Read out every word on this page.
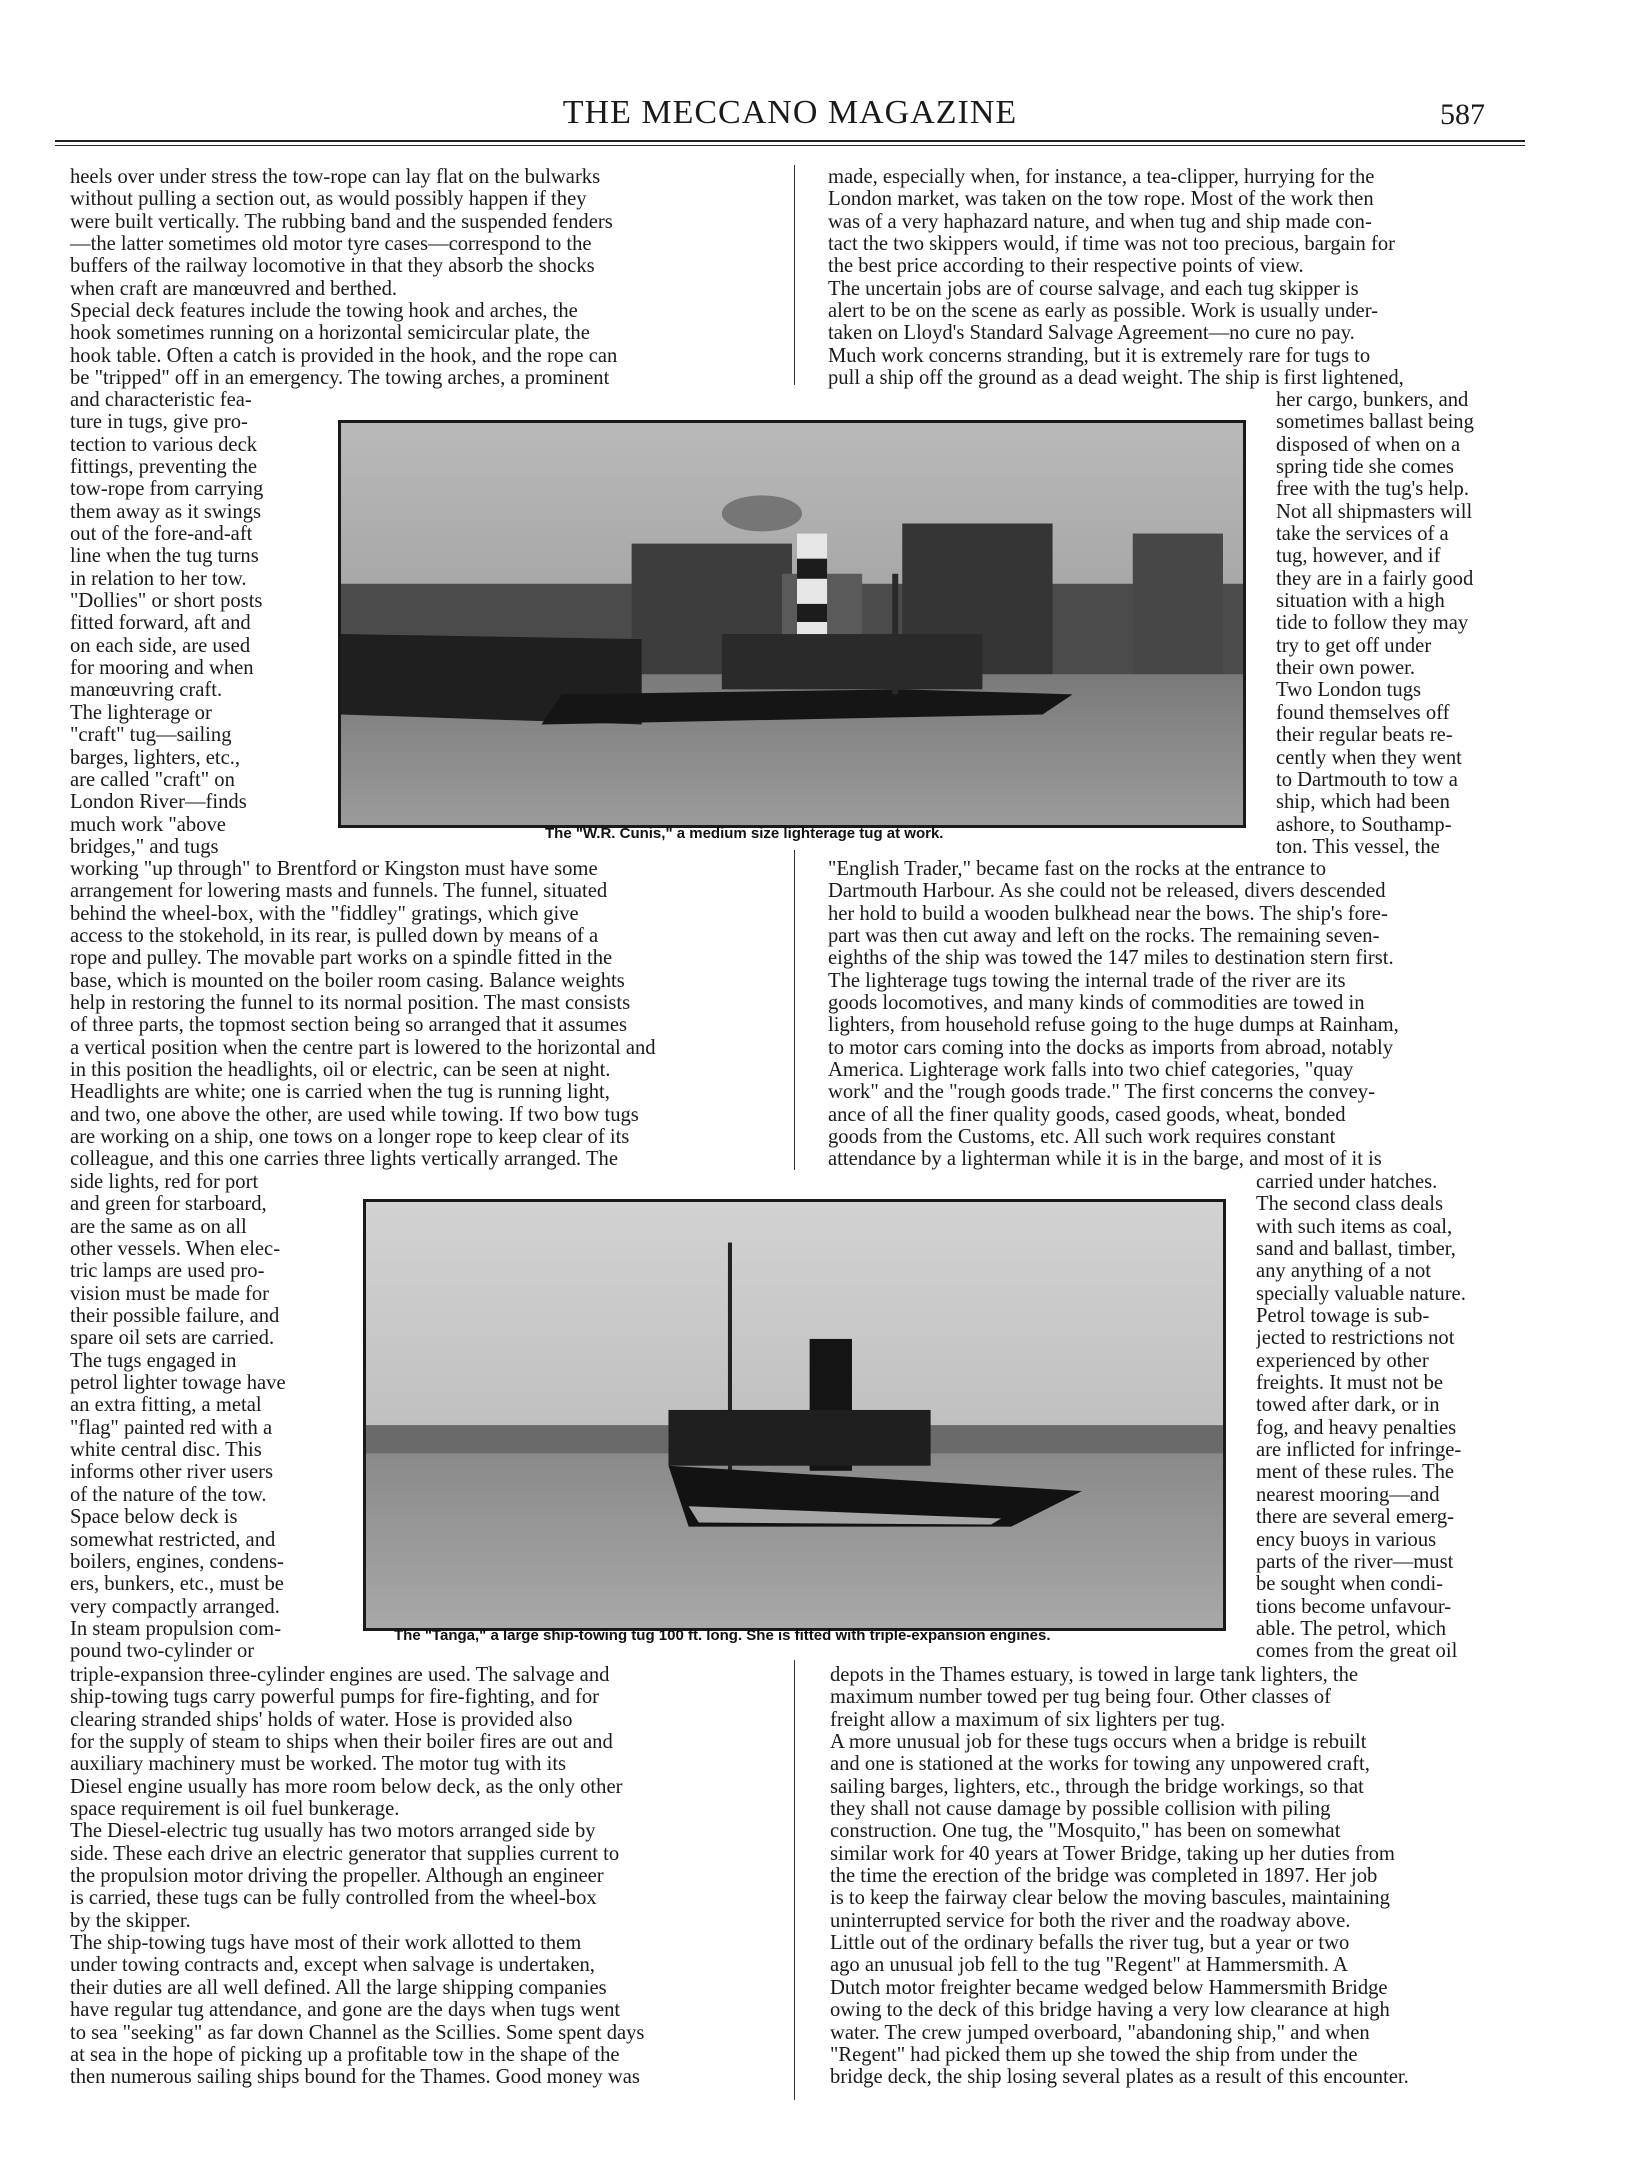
THE MECCANO MAGAZINE	587
heels over under stress the tow-rope can lay flat on the bulwarks
without pulling a section out, as would possibly happen if they
were built vertically. The rubbing band and the suspended fenders
—the latter sometimes old motor tyre cases—correspond to the
buffers of the railway locomotive in that they absorb the shocks
when craft are manœuvred and berthed.
Special deck features include the towing hook and arches, the
hook sometimes running on a horizontal semicircular plate, the
hook table. Often a catch is provided in the hook, and the rope can
be "tripped" off in an emergency. The towing arches, a prominent
and characteristic fea-
ture in tugs, give pro-
tection to various deck
fittings, preventing the
tow-rope from carrying
them away as it swings
out of the fore-and-aft
line when the tug turns
in relation to her tow.
"Dollies" or short posts
fitted forward, aft and
on each side, are used
for mooring and when
manœuvring craft.
The lighterage or
"craft" tug—sailing
barges, lighters, etc.,
are called "craft" on
London River—finds
much work "above
bridges," and tugs
working "up through" to Brentford or Kingston must have some
arrangement for lowering masts and funnels. The funnel, situated
behind the wheel-box, with the "fiddley" gratings, which give
access to the stokehold, in its rear, is pulled down by means of a
rope and pulley. The movable part works on a spindle fitted in the
base, which is mounted on the boiler room casing. Balance weights
help in restoring the funnel to its normal position. The mast consists
of three parts, the topmost section being so arranged that it assumes
a vertical position when the centre part is lowered to the horizontal and
in this position the headlights, oil or electric, can be seen at night.
Headlights are white; one is carried when the tug is running light,
and two, one above the other, are used while towing. If two bow tugs
are working on a ship, one tows on a longer rope to keep clear of its
colleague, and this one carries three lights vertically arranged. The
side lights, red for port
and green for starboard,
are the same as on all
other vessels. When elec-
tric lamps are used pro-
vision must be made for
their possible failure, and
spare oil sets are carried.
The tugs engaged in
petrol lighter towage have
an extra fitting, a metal
"flag" painted red with a
white central disc. This
informs other river users
of the nature of the tow.
Space below deck is
somewhat restricted, and
boilers, engines, condens-
ers, bunkers, etc., must be
very compactly arranged.
In steam propulsion com-
pound two-cylinder or
triple-expansion three-cylinder engines are used. The salvage and
ship-towing tugs carry powerful pumps for fire-fighting, and for
clearing stranded ships' holds of water. Hose is provided also
for the supply of steam to ships when their boiler fires are out and
auxiliary machinery must be worked. The motor tug with its
Diesel engine usually has more room below deck, as the only other
space requirement is oil fuel bunkerage.
The Diesel-electric tug usually has two motors arranged side by
side. These each drive an electric generator that supplies current to
the propulsion motor driving the propeller. Although an engineer
is carried, these tugs can be fully controlled from the wheel-box
by the skipper.
The ship-towing tugs have most of their work allotted to them
under towing contracts and, except when salvage is undertaken,
their duties are all well defined. All the large shipping companies
have regular tug attendance, and gone are the days when tugs went
to sea "seeking" as far down Channel as the Scillies. Some spent days
at sea in the hope of picking up a profitable tow in the shape of the
then numerous sailing ships bound for the Thames. Good money was
made, especially when, for instance, a tea-clipper, hurrying for the
London market, was taken on the tow rope. Most of the work then
was of a very haphazard nature, and when tug and ship made con-
tact the two skippers would, if time was not too precious, bargain for
the best price according to their respective points of view.
The uncertain jobs are of course salvage, and each tug skipper is
alert to be on the scene as early as possible. Work is usually under-
taken on Lloyd's Standard Salvage Agreement—no cure no pay.
Much work concerns stranding, but it is extremely rare for tugs to
pull a ship off the ground as a dead weight. The ship is first lightened,
her cargo, bunkers, and
sometimes ballast being
disposed of when on a
spring tide she comes
free with the tug's help.
Not all shipmasters will
take the services of a
tug, however, and if
they are in a fairly good
situation with a high
tide to follow they may
try to get off under
their own power.
Two London tugs
found themselves off
their regular beats re-
cently when they went
to Dartmouth to tow a
ship, which had been
ashore, to Southamp-
ton. This vessel, the
"English Trader," became fast on the rocks at the entrance to
Dartmouth Harbour. As she could not be released, divers descended
her hold to build a wooden bulkhead near the bows. The ship's fore-
part was then cut away and left on the rocks. The remaining seven-
eighths of the ship was towed the 147 miles to destination stern first.
The lighterage tugs towing the internal trade of the river are its
goods locomotives, and many kinds of commodities are towed in
lighters, from household refuse going to the huge dumps at Rainham,
to motor cars coming into the docks as imports from abroad, notably
America. Lighterage work falls into two chief categories, "quay
work" and the "rough goods trade." The first concerns the convey-
ance of all the finer quality goods, cased goods, wheat, bonded
goods from the Customs, etc. All such work requires constant
attendance by a lighterman while it is in the barge, and most of it is
carried under hatches.
The second class deals
with such items as coal,
sand and ballast, timber,
any anything of a not
specially valuable nature.
Petrol towage is sub-
jected to restrictions not
experienced by other
freights. It must not be
towed after dark, or in
fog, and heavy penalties
are inflicted for infringe-
ment of these rules. The
nearest mooring—and
there are several emerg-
ency buoys in various
parts of the river—must
be sought when condi-
tions become unfavour-
able. The petrol, which
comes from the great oil
depots in the Thames estuary, is towed in large tank lighters, the
maximum number towed per tug being four. Other classes of
freight allow a maximum of six lighters per tug.
A more unusual job for these tugs occurs when a bridge is rebuilt
and one is stationed at the works for towing any unpowered craft,
sailing barges, lighters, etc., through the bridge workings, so that
they shall not cause damage by possible collision with piling
construction. One tug, the "Mosquito," has been on somewhat
similar work for 40 years at Tower Bridge, taking up her duties from
the time the erection of the bridge was completed in 1897. Her job
is to keep the fairway clear below the moving bascules, maintaining
uninterrupted service for both the river and the roadway above.
Little out of the ordinary befalls the river tug, but a year or two
ago an unusual job fell to the tug "Regent" at Hammersmith. A
Dutch motor freighter became wedged below Hammersmith Bridge
owing to the deck of this bridge having a very low clearance at high
water. The crew jumped overboard, "abandoning ship," and when
"Regent" had picked them up she towed the ship from under the
bridge deck, the ship losing several plates as a result of this encounter.
The "W.R. Cunis," a medium size lighterage tug at work.
The "Tanga," a large ship-towing tug 100 ft. long. She is fitted with triple-expansion engines.
